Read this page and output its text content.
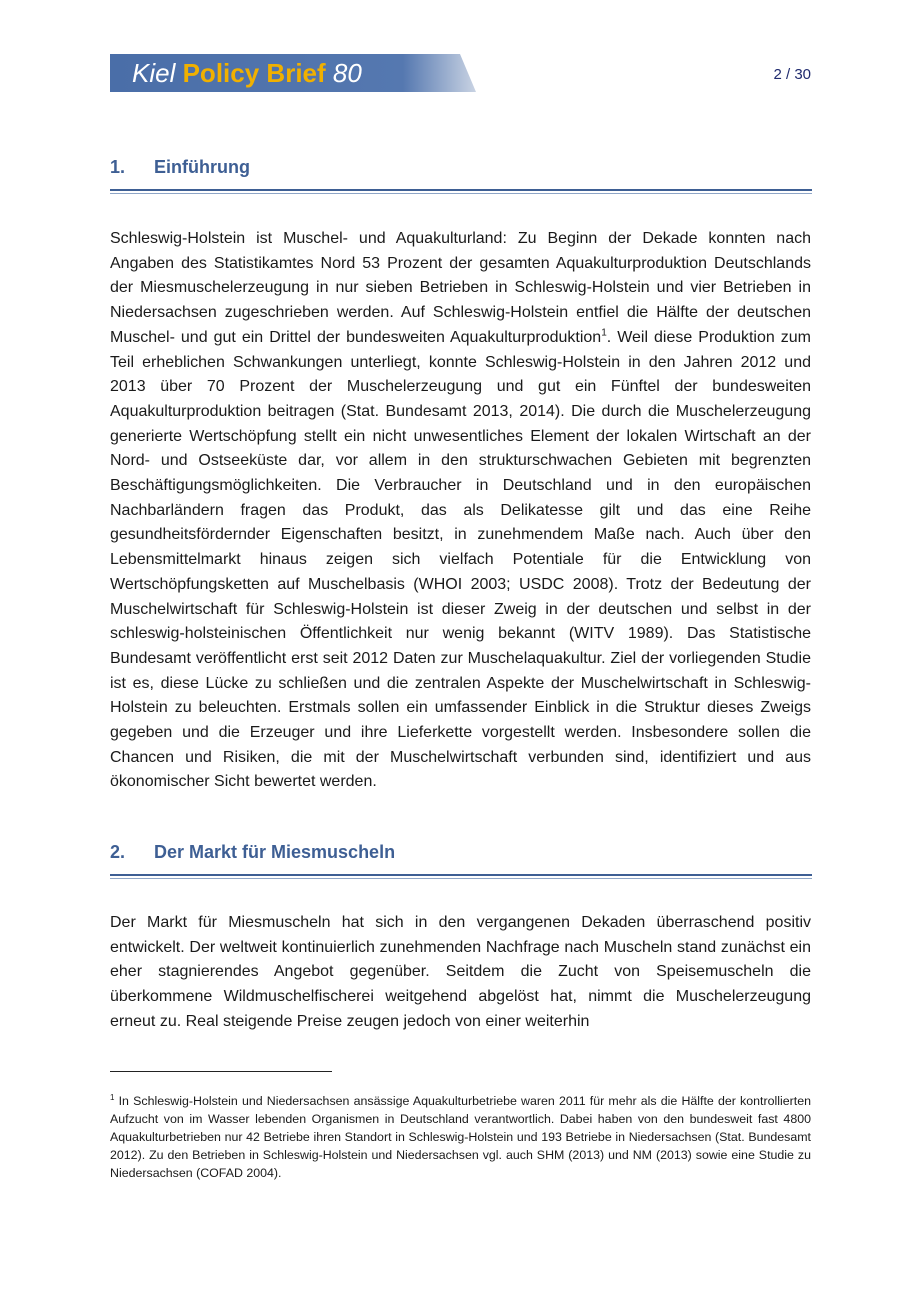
Kiel Policy Brief 80	2 / 30
1. Einführung

Schleswig-Holstein ist Muschel- und Aquakulturland: Zu Beginn der Dekade konnten nach Angaben des Statistikamtes Nord 53 Prozent der gesamten Aquakulturproduktion Deutschlands der Miesmuschelerzeugung in nur sieben Betrieben in Schleswig-Holstein und vier Betrieben in Niedersachsen zugeschrieben werden. Auf Schleswig-Holstein entfiel die Hälfte der deutschen Muschel- und gut ein Drittel der bundesweiten Aquakulturproduktion$^1$. Weil diese Produktion zum Teil erheblichen Schwankungen unterliegt, konnte Schleswig-Holstein in den Jahren 2012 und 2013 über 70 Prozent der Muschelerzeugung und gut ein Fünftel der bundesweiten Aquakulturproduktion beitragen (Stat. Bundesamt 2013, 2014). Die durch die Muschelerzeugung generierte Wertschöpfung stellt ein nicht unwesentliches Element der lokalen Wirtschaft an der Nord- und Ostseeküste dar, vor allem in den strukturschwachen Gebieten mit begrenzten Beschäftigungsmöglichkeiten. Die Verbraucher in Deutschland und in den europäischen Nachbarländern fragen das Produkt, das als Delikatesse gilt und das eine Reihe gesundheitsfördernder Eigenschaften besitzt, in zunehmendem Maße nach. Auch über den Lebensmittelmarkt hinaus zeigen sich vielfach Potentiale für die Entwicklung von Wertschöpfungsketten auf Muschelbasis (WHOI 2003; USDC 2008). Trotz der Bedeutung der Muschelwirtschaft für Schleswig-Holstein ist dieser Zweig in der deutschen und selbst in der schleswig-holsteinischen Öffentlichkeit nur wenig bekannt (WITV 1989). Das Statistische Bundesamt veröffentlicht erst seit 2012 Daten zur Muschelaquakultur. Ziel der vorliegenden Studie ist es, diese Lücke zu schließen und die zentralen Aspekte der Muschelwirtschaft in Schleswig-Holstein zu beleuchten. Erstmals sollen ein umfassender Einblick in die Struktur dieses Zweigs gegeben und die Erzeuger und ihre Lieferkette vorgestellt werden. Insbesondere sollen die Chancen und Risiken, die mit der Muschelwirtschaft verbunden sind, identifiziert und aus ökonomischer Sicht bewertet werden.

2. Der Markt für Miesmuscheln

Der Markt für Miesmuscheln hat sich in den vergangenen Dekaden überraschend positiv entwickelt. Der weltweit kontinuierlich zunehmenden Nachfrage nach Muscheln stand zunächst ein eher stagnierendes Angebot gegenüber. Seitdem die Zucht von Speisemuscheln die überkommene Wildmuschelfischerei weitgehend abgelöst hat, nimmt die Muschelerzeugung erneut zu. Real steigende Preise zeugen jedoch von einer weiterhin

$^1$ In Schleswig-Holstein und Niedersachsen ansässige Aquakulturbetriebe waren 2011 für mehr als die Hälfte der kontrollierten Aufzucht von im Wasser lebenden Organismen in Deutschland verantwortlich. Dabei haben von den bundesweit fast 4800 Aquakulturbetrieben nur 42 Betriebe ihren Standort in Schleswig-Holstein und 193 Betriebe in Niedersachsen (Stat. Bundesamt 2012). Zu den Betrieben in Schleswig-Holstein und Niedersachsen vgl. auch SHM (2013) und NM (2013) sowie eine Studie zu Niedersachsen (COFAD 2004).
